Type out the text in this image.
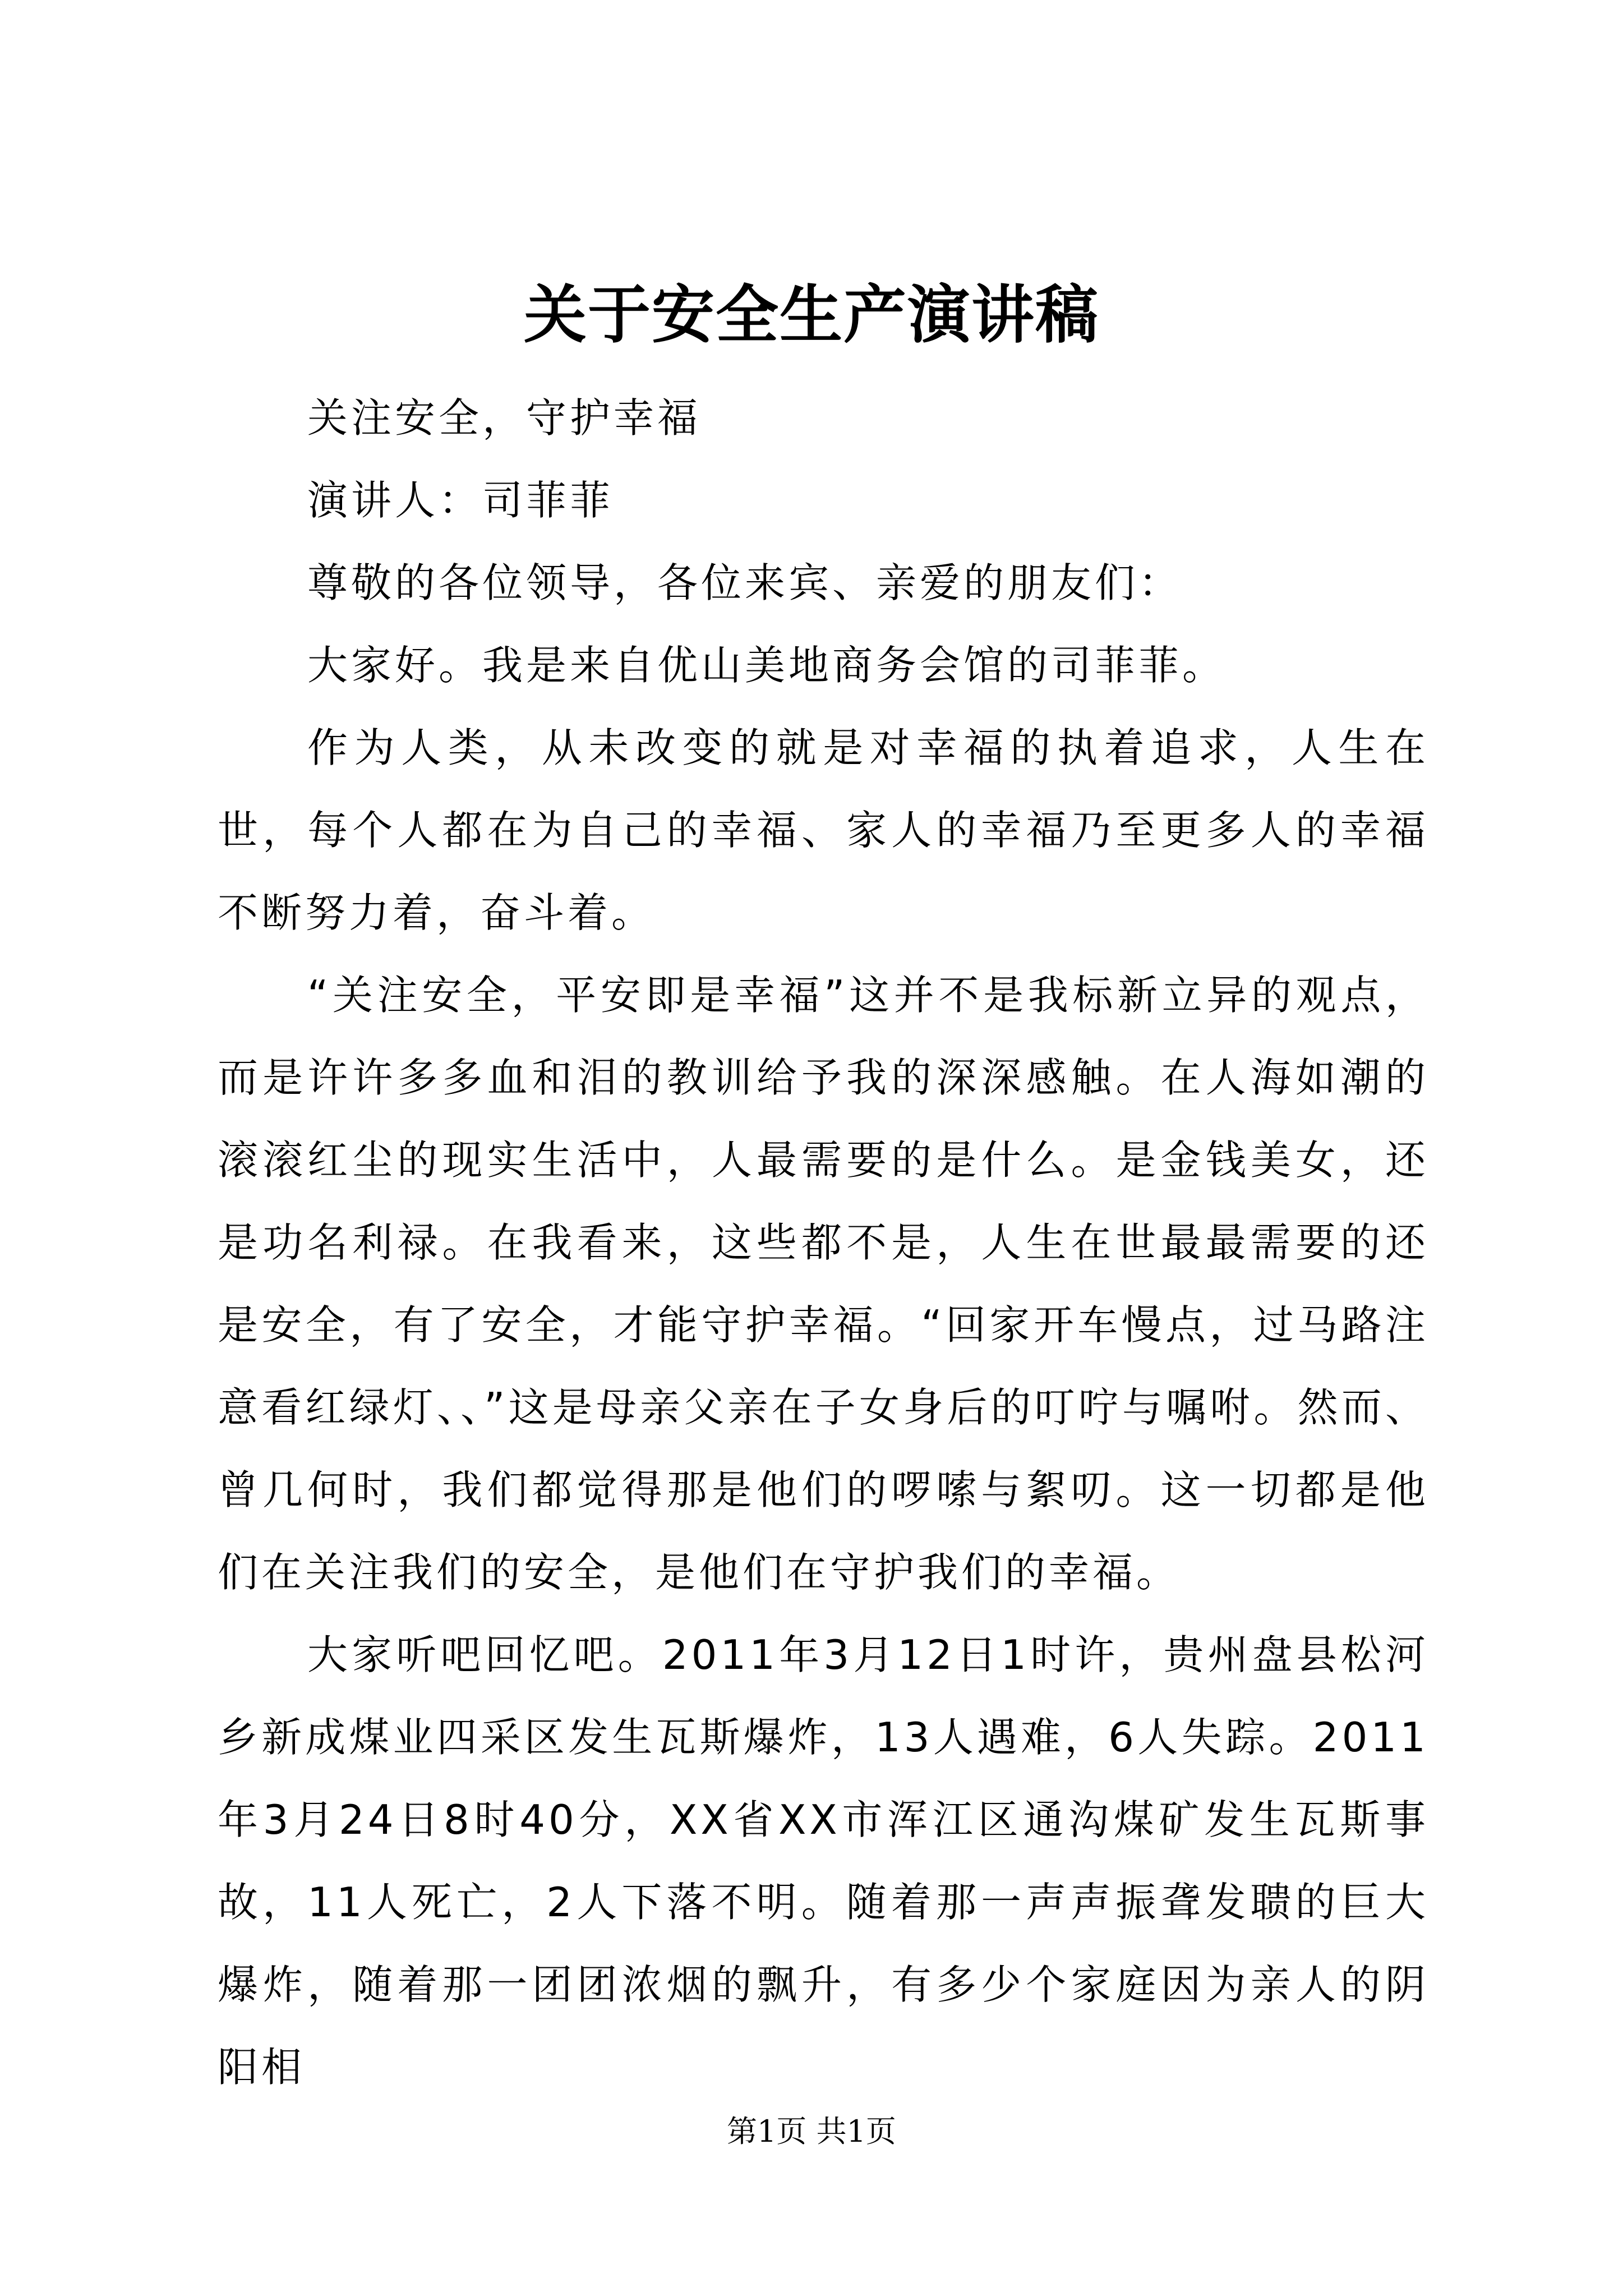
关于安全生产演讲稿

关注安全，守护幸福

演讲人：司菲菲

尊敬的各位领导，各位来宾、亲爱的朋友们：

大家好。我是来自优山美地商务会馆的司菲菲。

作为人类，从未改变的就是对幸福的执着追求，人生在世，每个人都在为自己的幸福、家人的幸福乃至更多人的幸福不断努力着，奋斗着。

“关注安全，平安即是幸福”这并不是我标新立异的观点，而是许许多多血和泪的教训给予我的深深感触。在人海如潮的滚滚红尘的现实生活中，人最需要的是什么。是金钱美女，还是功名利禄。在我看来，这些都不是，人生在世最最需要的还是安全，有了安全，才能守护幸福。“回家开车慢点，过马路注意看红绿灯、、”这是母亲父亲在子女身后的叮咛与嘱咐。然而、曾几何时，我们都觉得那是他们的啰嗦与絮叨。这一切都是他们在关注我们的安全，是他们在守护我们的幸福。

大家听吧回忆吧。2011年3月12日1时许，贵州盘县松河乡新成煤业四采区发生瓦斯爆炸，13人遇难，6人失踪。2011年3月24日8时40分，XX省XX市浑江区通沟煤矿发生瓦斯事故，11人死亡，2人下落不明。随着那一声声振聋发聩的巨大爆炸，随着那一团团浓烟的飘升，有多少个家庭因为亲人的阴阳相

第1页 共1页
